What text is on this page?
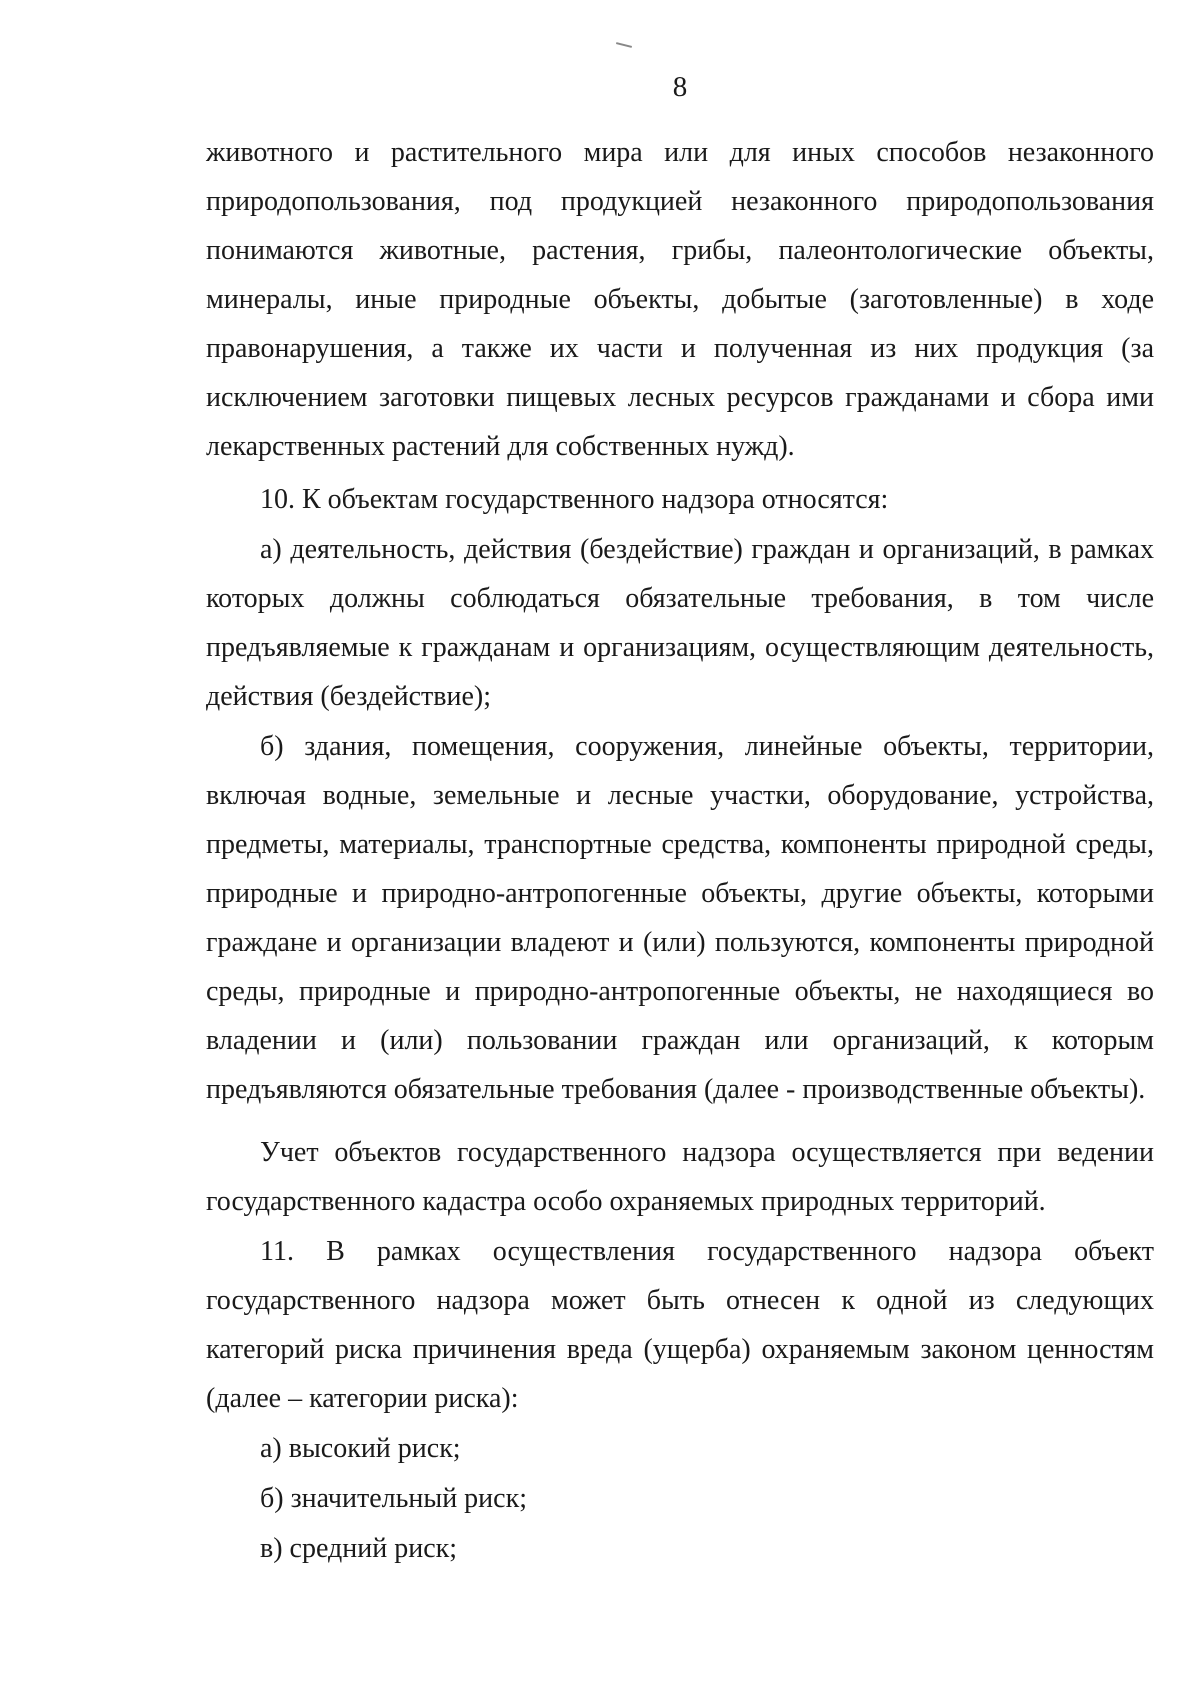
8

животного и растительного мира или для иных способов незаконного природопользования, под продукцией незаконного природопользования понимаются животные, растения, грибы, палеонтологические объекты, минералы, иные природные объекты, добытые (заготовленные) в ходе правонарушения, а также их части и полученная из них продукция (за исключением заготовки пищевых лесных ресурсов гражданами и сбора ими лекарственных растений для собственных нужд).

10. К объектам государственного надзора относятся:

а) деятельность, действия (бездействие) граждан и организаций, в рамках которых должны соблюдаться обязательные требования, в том числе предъявляемые к гражданам и организациям, осуществляющим деятельность, действия (бездействие);

б) здания, помещения, сооружения, линейные объекты, территории, включая водные, земельные и лесные участки, оборудование, устройства, предметы, материалы, транспортные средства, компоненты природной среды, природные и природно-антропогенные объекты, другие объекты, которыми граждане и организации владеют и (или) пользуются, компоненты природной среды, природные и природно-антропогенные объекты, не находящиеся во владении и (или) пользовании граждан или организаций, к которым предъявляются обязательные требования (далее - производственные объекты).

Учет объектов государственного надзора осуществляется при ведении государственного кадастра особо охраняемых природных территорий.

11. В рамках осуществления государственного надзора объект государственного надзора может быть отнесен к одной из следующих категорий риска причинения вреда (ущерба) охраняемым законом ценностям (далее – категории риска):

а) высокий риск;

б) значительный риск;

в) средний риск;
